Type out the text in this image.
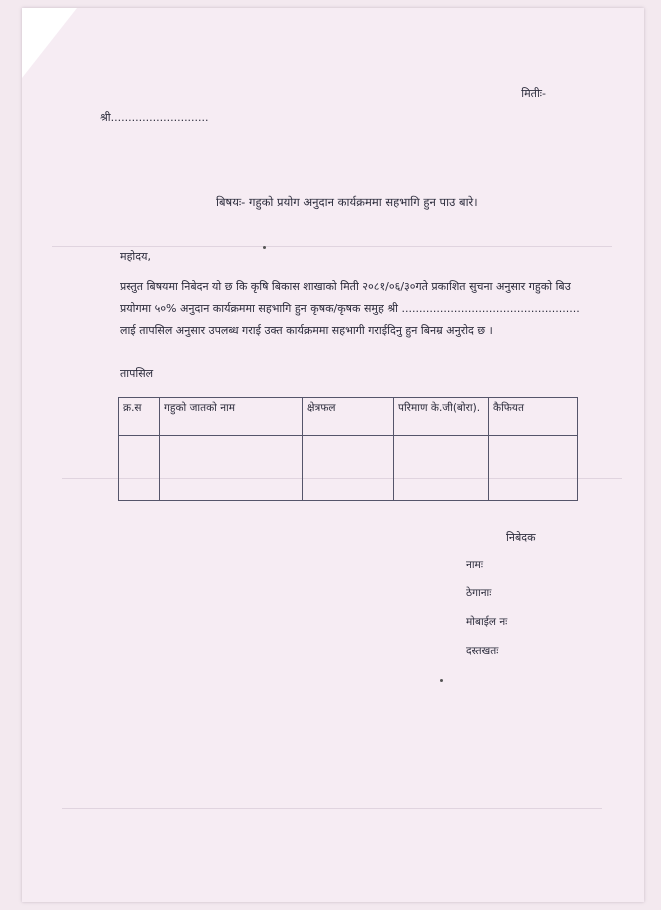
मितीः-
श्री............................
बिषयः- गहुको प्रयोग अनुदान कार्यक्रममा सहभागि हुन पाउ बारे।
महोदय,
प्रस्तुत बिषयमा निबेदन यो छ कि कृषि बिकास शाखाको मिती २०८१/०६/३०गते प्रकाशित सुचना अनुसार गहुको बिउ प्रयोगमा ५०% अनुदान कार्यक्रममा सहभागि हुन कृषक/कृषक समुह श्री ................................................... लाई तापसिल अनुसार उपलब्ध गराई उक्त कार्यक्रममा सहभागी गराईदिनु हुन बिनम्र अनुरोद छ ।
तापसिल
क्र.स	गहुको जातको नाम	क्षेत्रफल	परिमाण के.जी(बोरा).	कैफियत

निबेदक
नामः
ठेगानाः
मोबाईल नः
दस्तखतः
